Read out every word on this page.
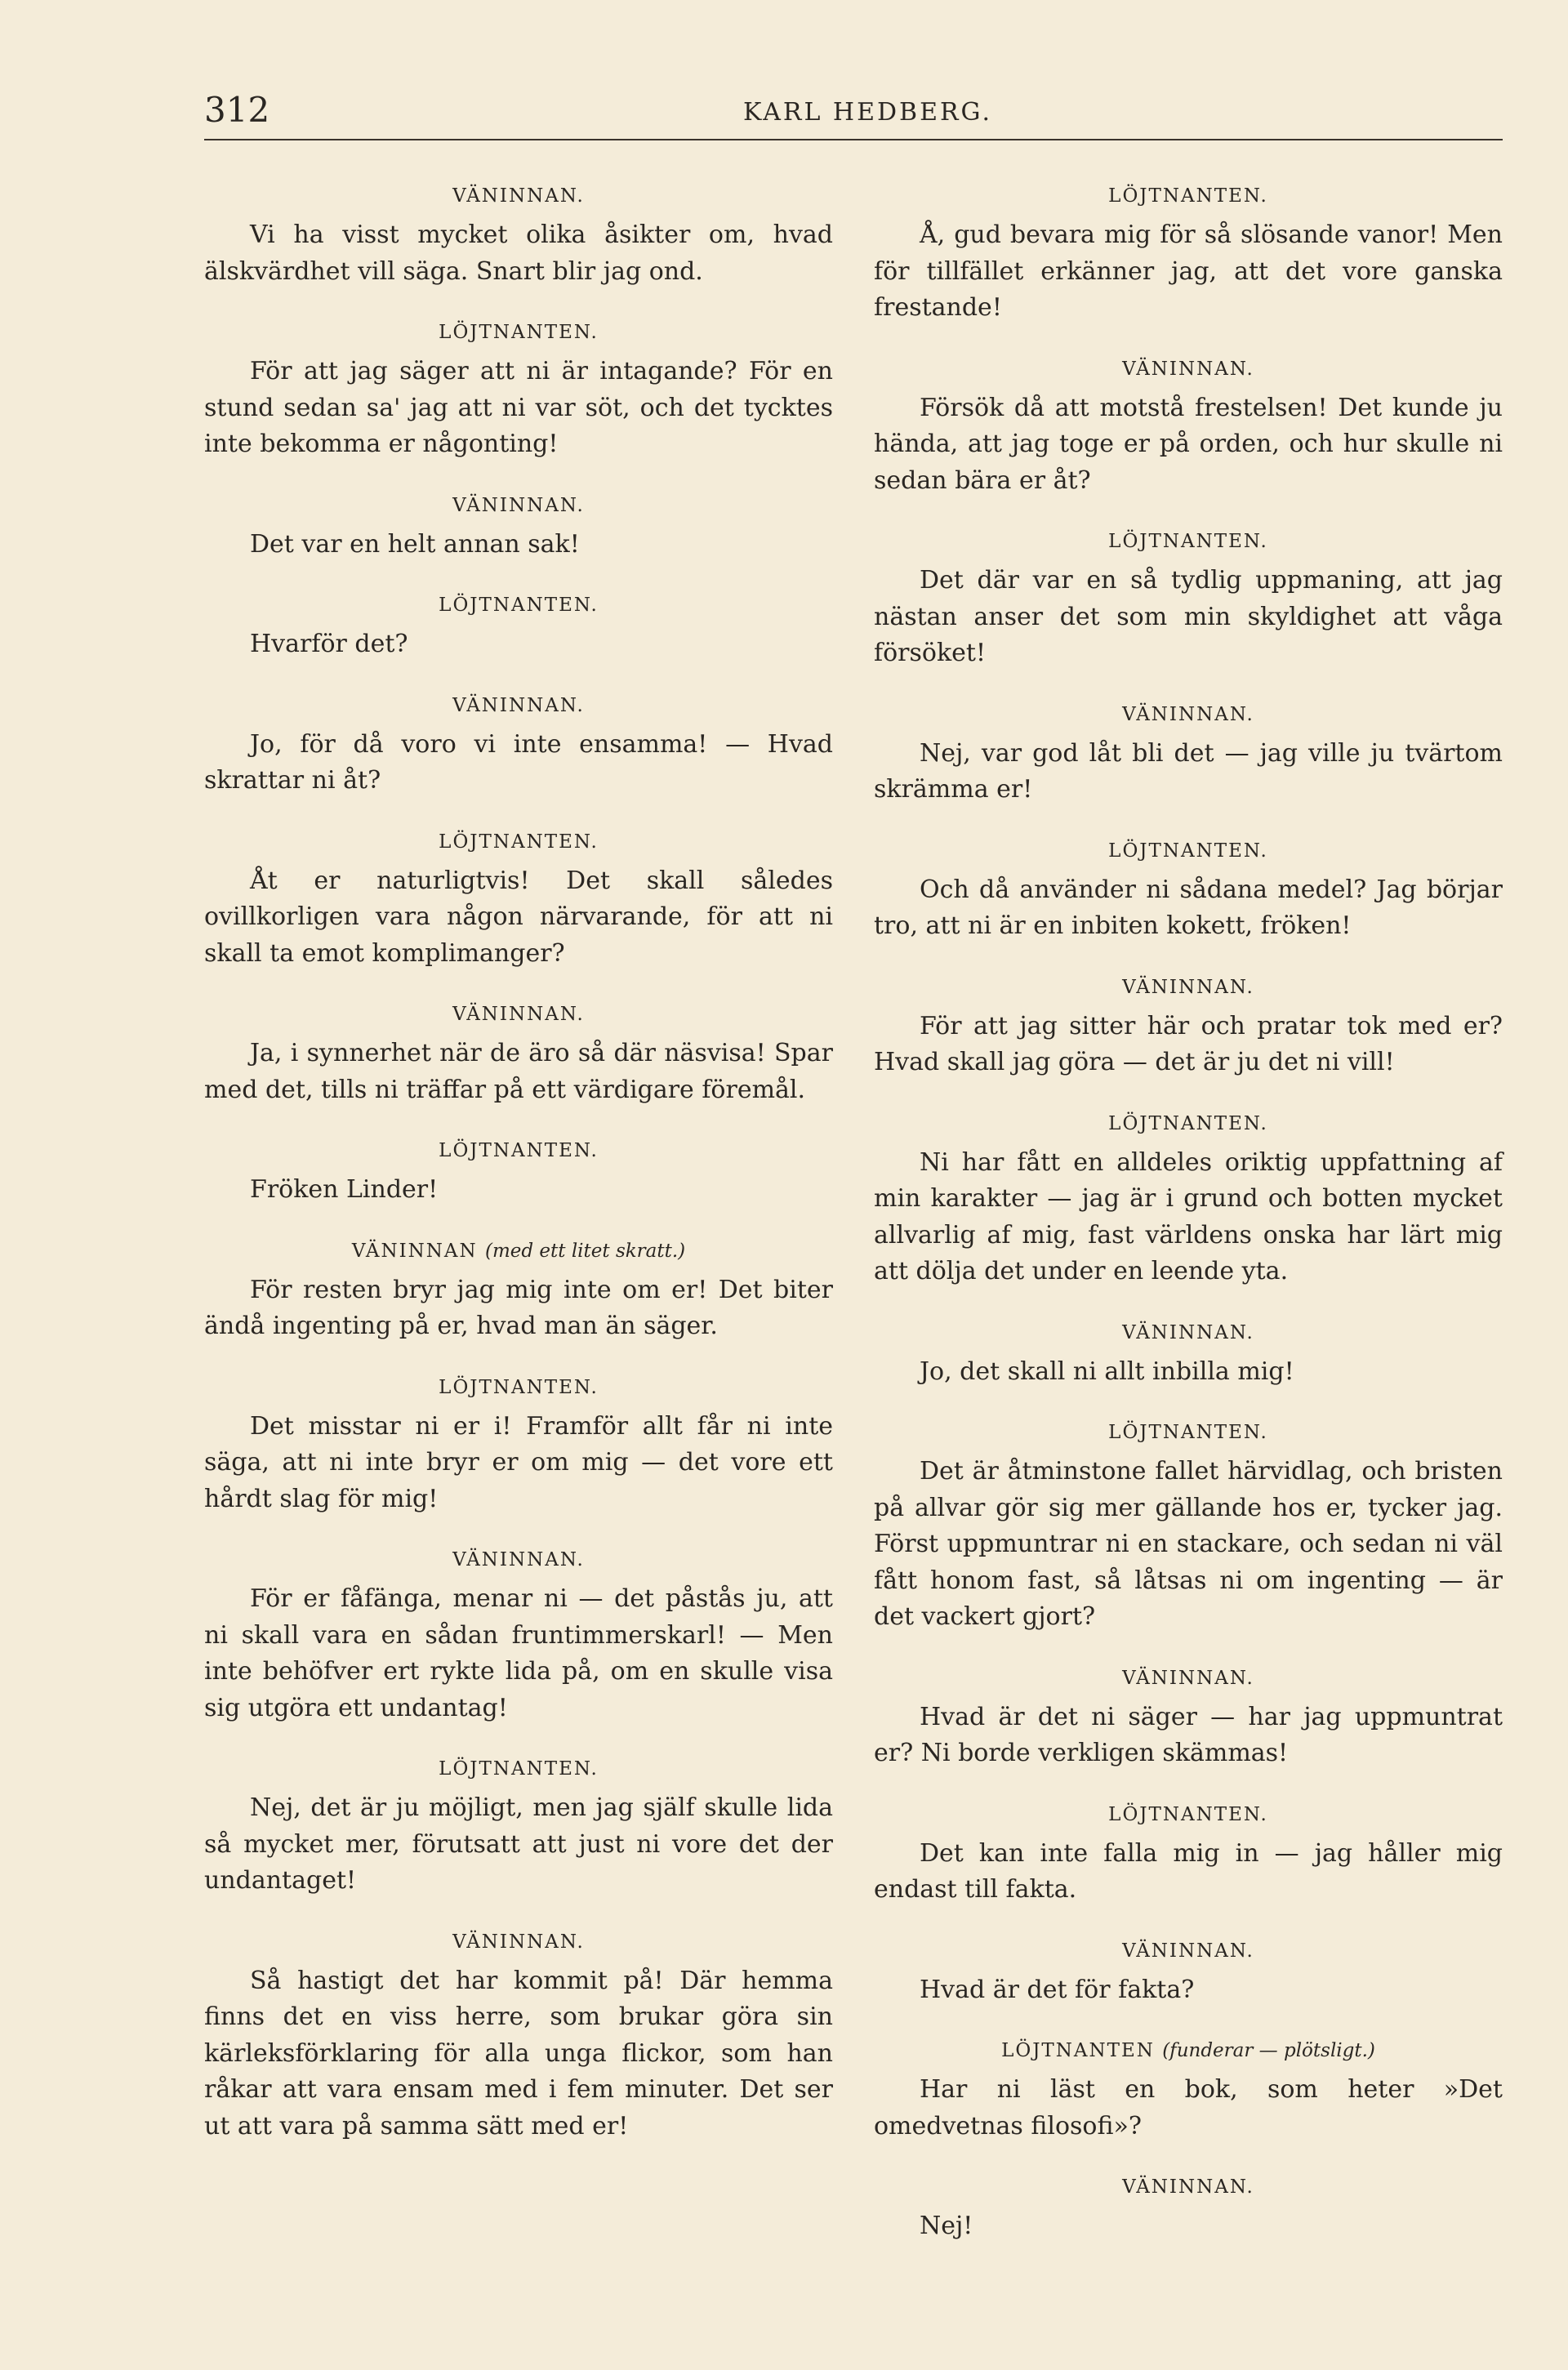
312	KARL HEDBERG.

VÄNINNAN.

Vi ha visst mycket olika åsikter om, hvad älskvärdhet vill säga. Snart blir jag ond.

LÖJTNANTEN.

För att jag säger att ni är intagande? För en stund sedan sa' jag att ni var söt, och det tycktes inte bekomma er någonting!

VÄNINNAN.

Det var en helt annan sak!

LÖJTNANTEN.

Hvarför det?

VÄNINNAN.

Jo, för då voro vi inte ensamma! — Hvad skrattar ni åt?

LÖJTNANTEN.

Åt er naturligtvis! Det skall således ovillkorligen vara någon närvarande, för att ni skall ta emot komplimanger?

VÄNINNAN.

Ja, i synnerhet när de äro så där näsvisa! Spar med det, tills ni träffar på ett värdigare föremål.

LÖJTNANTEN.

Fröken Linder!

VÄNINNAN (med ett litet skratt.)

För resten bryr jag mig inte om er! Det biter ändå ingenting på er, hvad man än säger.

LÖJTNANTEN.

Det misstar ni er i! Framför allt får ni inte säga, att ni inte bryr er om mig — det vore ett hårdt slag för mig!

VÄNINNAN.

För er fåfänga, menar ni — det påstås ju, att ni skall vara en sådan fruntimmerskarl! — Men inte behöfver ert rykte lida på, om en skulle visa sig utgöra ett undantag!

LÖJTNANTEN.

Nej, det är ju möjligt, men jag själf skulle lida så mycket mer, förutsatt att just ni vore det der undantaget!

VÄNINNAN.

Så hastigt det har kommit på! Där hemma finns det en viss herre, som brukar göra sin kärleksförklaring för alla unga flickor, som han råkar att vara ensam med i fem minuter. Det ser ut att vara på samma sätt med er!

LÖJTNANTEN.

Å, gud bevara mig för så slösande vanor! Men för tillfället erkänner jag, att det vore ganska frestande!

VÄNINNAN.

Försök då att motstå frestelsen! Det kunde ju hända, att jag toge er på orden, och hur skulle ni sedan bära er åt?

LÖJTNANTEN.

Det där var en så tydlig uppmaning, att jag nästan anser det som min skyldighet att våga försöket!

VÄNINNAN.

Nej, var god låt bli det — jag ville ju tvärtom skrämma er!

LÖJTNANTEN.

Och då använder ni sådana medel? Jag börjar tro, att ni är en inbiten kokett, fröken!

VÄNINNAN.

För att jag sitter här och pratar tok med er? Hvad skall jag göra — det är ju det ni vill!

LÖJTNANTEN.

Ni har fått en alldeles oriktig uppfattning af min karakter — jag är i grund och botten mycket allvarlig af mig, fast världens onska har lärt mig att dölja det under en leende yta.

VÄNINNAN.

Jo, det skall ni allt inbilla mig!

LÖJTNANTEN.

Det är åtminstone fallet härvidlag, och bristen på allvar gör sig mer gällande hos er, tycker jag. Först uppmuntrar ni en stackare, och sedan ni väl fått honom fast, så låtsas ni om ingenting — är det vackert gjort?

VÄNINNAN.

Hvad är det ni säger — har jag uppmuntrat er? Ni borde verkligen skämmas!

LÖJTNANTEN.

Det kan inte falla mig in — jag håller mig endast till fakta.

VÄNINNAN.

Hvad är det för fakta?

LÖJTNANTEN (funderar — plötsligt.)

Har ni läst en bok, som heter »Det omedvetnas filosofi»?

VÄNINNAN.

Nej!
